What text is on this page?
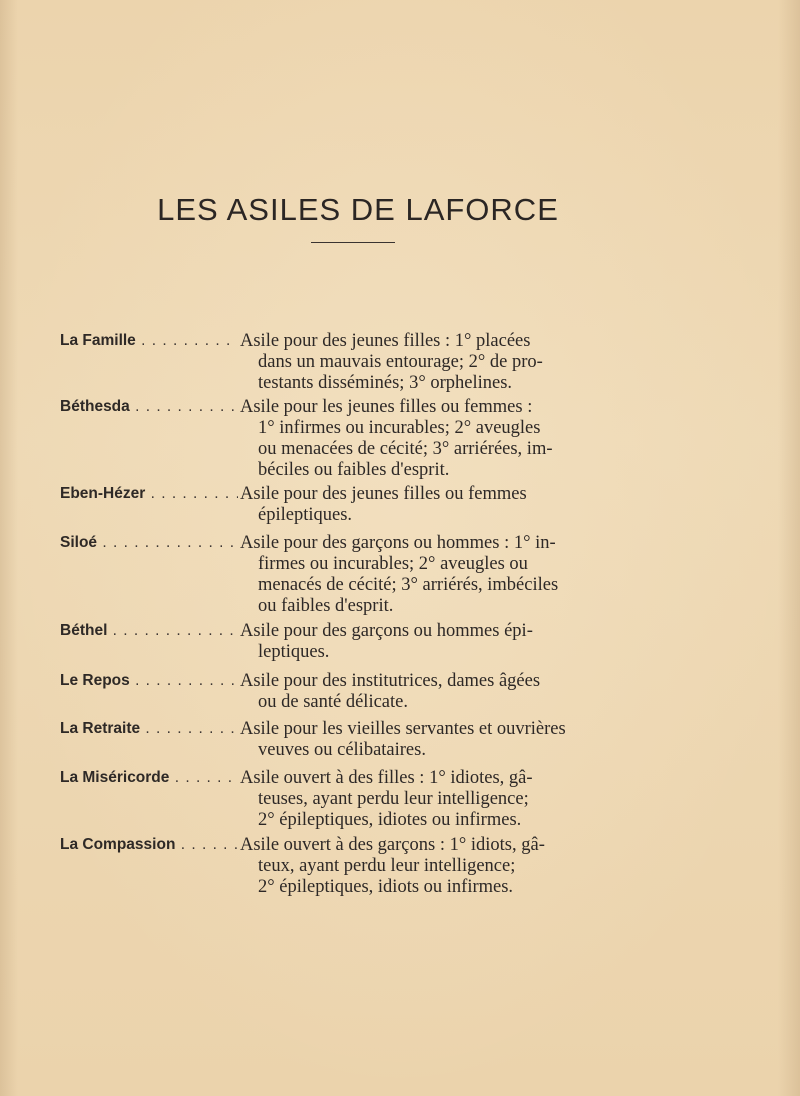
LES ASILES DE LAFORCE
La Famille . . .	Asile pour des jeunes filles : 1° placées
dans un mauvais entourage; 2° de pro-
testants disséminés; 3° orphelines.
Béthesda . . .	Asile pour les jeunes filles ou femmes :
1° infirmes ou incurables; 2° aveugles
ou menacées de cécité; 3° arriérées, im-
béciles ou faibles d'esprit.
Eben-Hézer . . .	Asile pour des jeunes filles ou femmes
épileptiques.
Siloé . . .	Asile pour des garçons ou hommes : 1° in-
firmes ou incurables; 2° aveugles ou
menacés de cécité; 3° arriérés, imbéciles
ou faibles d'esprit.
Béthel . . .	Asile pour des garçons ou hommes épi-
leptiques.
Le Repos . . .	Asile pour des institutrices, dames âgées
ou de santé délicate.
La Retraite . . .	Asile pour les vieilles servantes et ouvrières
veuves ou célibataires.
La Miséricorde . . .	Asile ouvert à des filles : 1° idiotes, gâ-
teuses, ayant perdu leur intelligence;
2° épileptiques, idiotes ou infirmes.
La Compassion . . .	Asile ouvert à des garçons : 1° idiots, gâ-
teux, ayant perdu leur intelligence;
2° épileptiques, idiots ou infirmes.
